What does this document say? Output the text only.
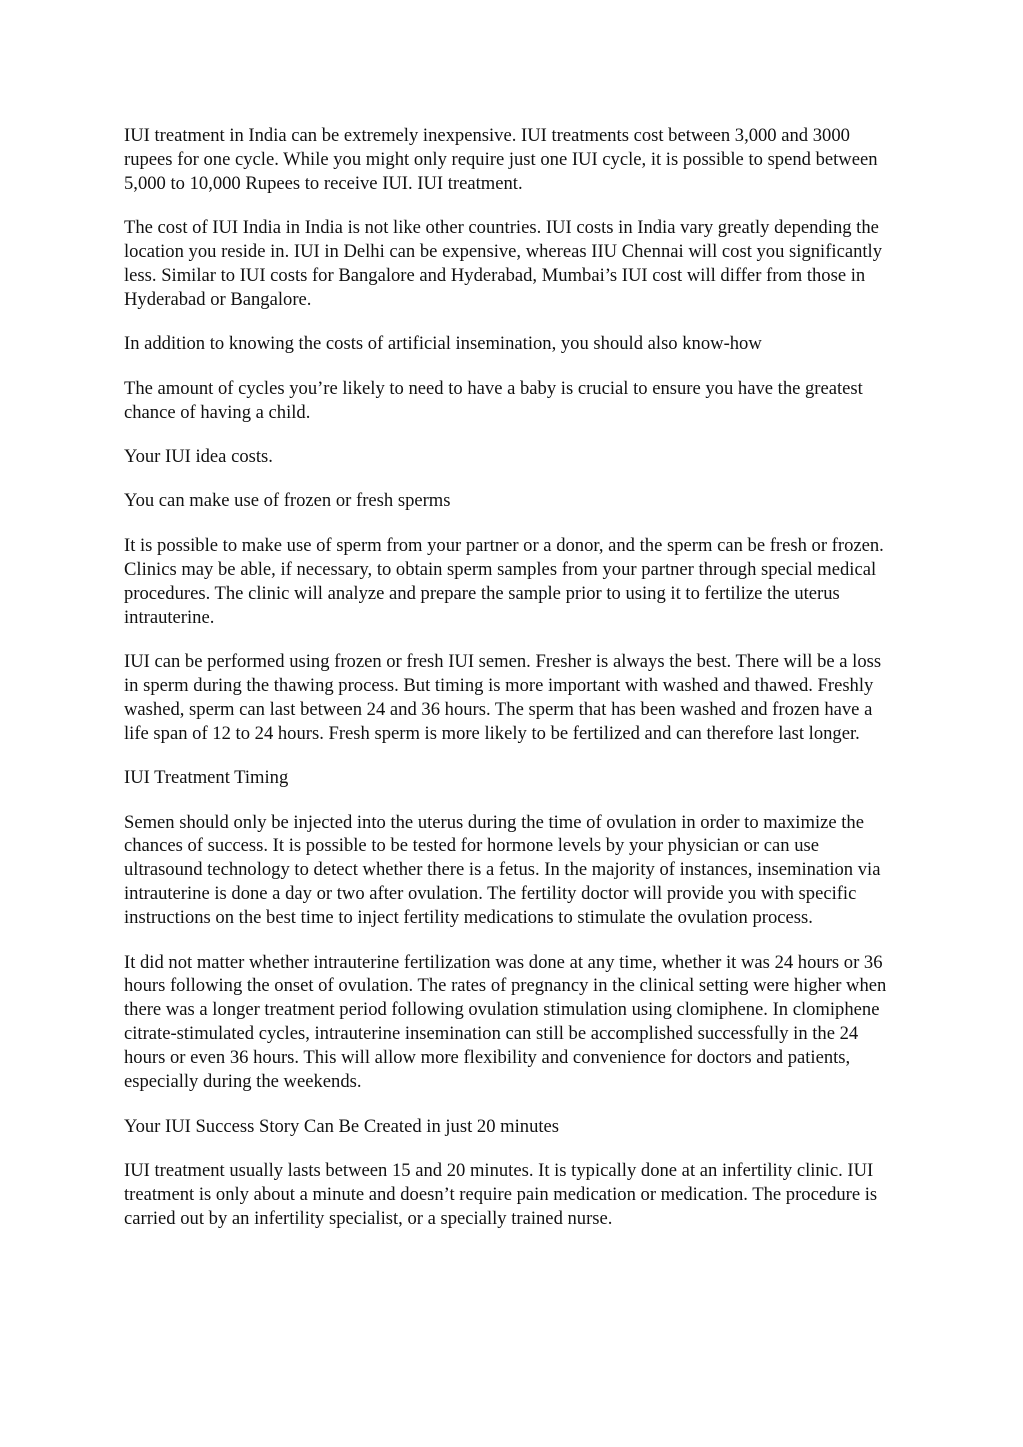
IUI treatment in India can be extremely inexpensive. IUI treatments cost between 3,000 and 3000 rupees for one cycle. While you might only require just one IUI cycle, it is possible to spend between 5,000 to 10,000 Rupees to receive IUI. IUI treatment.

The cost of IUI India in India is not like other countries. IUI costs in India vary greatly depending the location you reside in. IUI in Delhi can be expensive, whereas IIU Chennai will cost you significantly less. Similar to IUI costs for Bangalore and Hyderabad, Mumbai’s IUI cost will differ from those in Hyderabad or Bangalore.

In addition to knowing the costs of artificial insemination, you should also know-how

The amount of cycles you’re likely to need to have a baby is crucial to ensure you have the greatest chance of having a child.

Your IUI idea costs.

You can make use of frozen or fresh sperms

It is possible to make use of sperm from your partner or a donor, and the sperm can be fresh or frozen. Clinics may be able, if necessary, to obtain sperm samples from your partner through special medical procedures. The clinic will analyze and prepare the sample prior to using it to fertilize the uterus intrauterine.

IUI can be performed using frozen or fresh IUI semen. Fresher is always the best. There will be a loss in sperm during the thawing process. But timing is more important with washed and thawed. Freshly washed, sperm can last between 24 and 36 hours. The sperm that has been washed and frozen have a life span of 12 to 24 hours. Fresh sperm is more likely to be fertilized and can therefore last longer.

IUI Treatment Timing

Semen should only be injected into the uterus during the time of ovulation in order to maximize the chances of success. It is possible to be tested for hormone levels by your physician or can use ultrasound technology to detect whether there is a fetus. In the majority of instances, insemination via intrauterine is done a day or two after ovulation. The fertility doctor will provide you with specific instructions on the best time to inject fertility medications to stimulate the ovulation process.

It did not matter whether intrauterine fertilization was done at any time, whether it was 24 hours or 36 hours following the onset of ovulation. The rates of pregnancy in the clinical setting were higher when there was a longer treatment period following ovulation stimulation using clomiphene. In clomiphene citrate-stimulated cycles, intrauterine insemination can still be accomplished successfully in the 24 hours or even 36 hours. This will allow more flexibility and convenience for doctors and patients, especially during the weekends.

Your IUI Success Story Can Be Created in just 20 minutes

IUI treatment usually lasts between 15 and 20 minutes. It is typically done at an infertility clinic. IUI treatment is only about a minute and doesn’t require pain medication or medication. The procedure is carried out by an infertility specialist, or a specially trained nurse.
